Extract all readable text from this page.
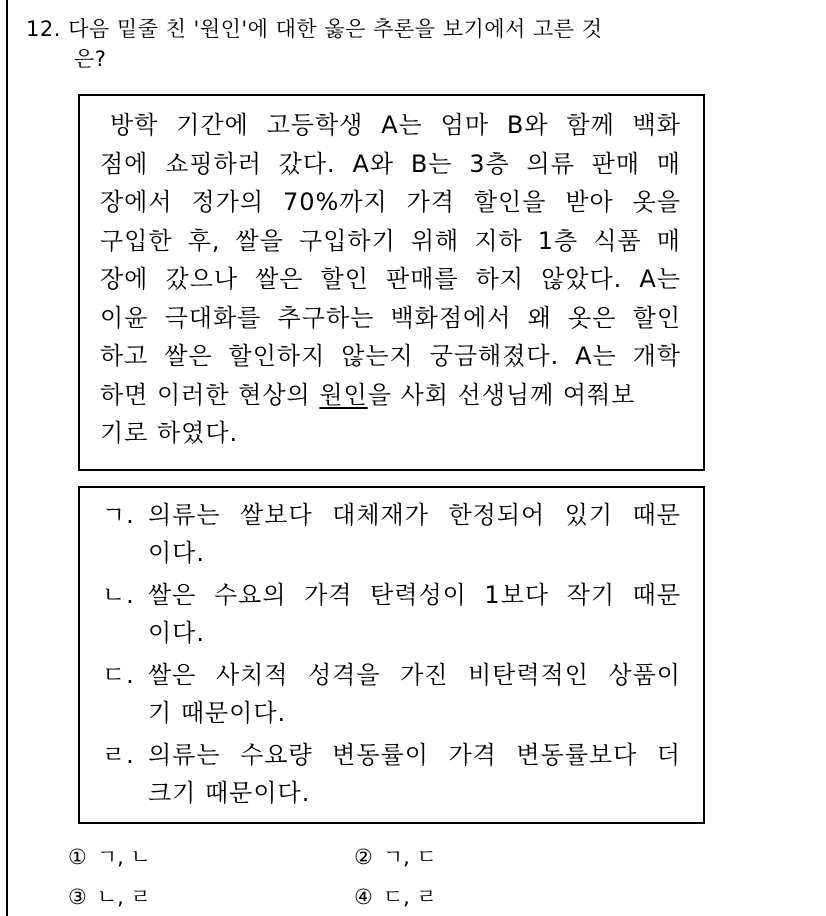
12. 다음 밑줄 친 '원인'에 대한 옳은 추론을 보기에서 고른 것
은?
방학 기간에 고등학생 A는 엄마 B와 함께 백화
점에 쇼핑하러 갔다. A와 B는 3층 의류 판매 매
장에서 정가의 70%까지 가격 할인을 받아 옷을
구입한 후, 쌀을 구입하기 위해 지하 1층 식품 매
장에 갔으나 쌀은 할인 판매를 하지 않았다. A는
이윤 극대화를 추구하는 백화점에서 왜 옷은 할인
하고 쌀은 할인하지 않는지 궁금해졌다. A는 개학
하면 이러한 현상의 원인을 사회 선생님께 여쭤보
기로 하였다.
ㄱ. 의류는 쌀보다 대체재가 한정되어 있기 때문
이다.
ㄴ. 쌀은 수요의 가격 탄력성이 1보다 작기 때문
이다.
ㄷ. 쌀은 사치적 성격을 가진 비탄력적인 상품이
기 때문이다.
ㄹ. 의류는 수요량 변동률이 가격 변동률보다 더
크기 때문이다.
① ㄱ, ㄴ	② ㄱ, ㄷ
③ ㄴ, ㄹ	④ ㄷ, ㄹ
